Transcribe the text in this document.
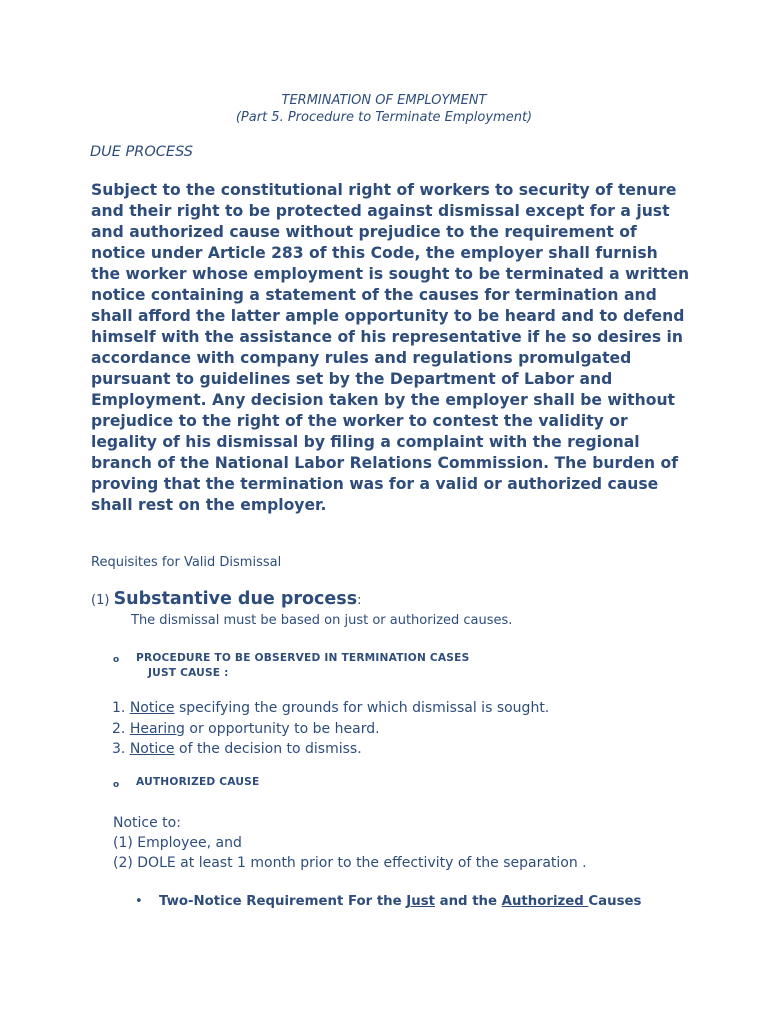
TERMINATION OF EMPLOYMENT

(Part 5. Procedure to Terminate Employment)

DUE PROCESS

Subject to the constitutional right of workers to security of tenure and their right to be protected against dismissal except for a just and authorized cause without prejudice to the requirement of notice under Article 283 of this Code, the employer shall furnish the worker whose employment is sought to be terminated a written notice containing a statement of the causes for termination and shall afford the latter ample opportunity to be heard and to defend himself with the assistance of his representative if he so desires in accordance with company rules and regulations promulgated pursuant to guidelines set by the Department of Labor and Employment. Any decision taken by the employer shall be without prejudice to the right of the worker to contest the validity or legality of his dismissal by filing a complaint with the regional branch of the National Labor Relations Commission. The burden of proving that the termination was for a valid or authorized cause shall rest on the employer.

Requisites for Valid Dismissal

(1) Substantive due process:

The dismissal must be based on just or authorized causes.

o PROCEDURE TO BE OBSERVED IN TERMINATION CASES

JUST CAUSE :

1. Notice specifying the grounds for which dismissal is sought.
2. Hearing or opportunity to be heard.
3. Notice of the decision to dismiss.
o AUTHORIZED CAUSE

Notice to:

(1) Employee, and

(2) DOLE at least 1 month prior to the effectivity of the separation .

• Two-Notice Requirement For the Just and the Authorized Causes
